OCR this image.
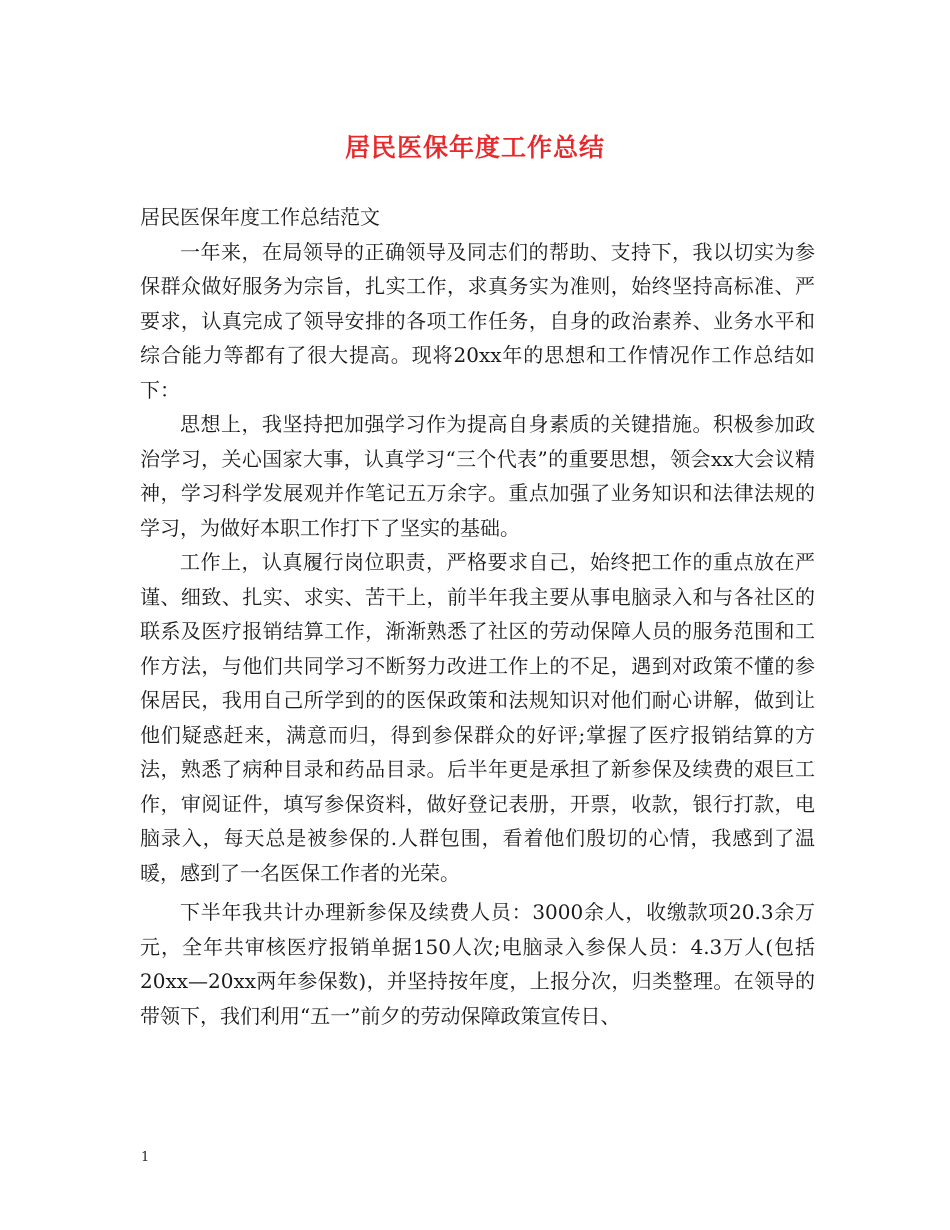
居民医保年度工作总结

居民医保年度工作总结范文

一年来，在局领导的正确领导及同志们的帮助、支持下，我以切实为参保群众做好服务为宗旨，扎实工作，求真务实为准则，始终坚持高标准、严要求，认真完成了领导安排的各项工作任务，自身的政治素养、业务水平和综合能力等都有了很大提高。现将20xx年的思想和工作情况作工作总结如下：

思想上，我坚持把加强学习作为提高自身素质的关键措施。积极参加政治学习，关心国家大事，认真学习“三个代表”的重要思想，领会xx大会议精神，学习科学发展观并作笔记五万余字。重点加强了业务知识和法律法规的学习，为做好本职工作打下了坚实的基础。

工作上，认真履行岗位职责，严格要求自己，始终把工作的重点放在严谨、细致、扎实、求实、苦干上，前半年我主要从事电脑录入和与各社区的联系及医疗报销结算工作，渐渐熟悉了社区的劳动保障人员的服务范围和工作方法，与他们共同学习不断努力改进工作上的不足，遇到对政策不懂的参保居民，我用自己所学到的的医保政策和法规知识对他们耐心讲解，做到让他们疑惑赶来，满意而归，得到参保群众的好评;掌握了医疗报销结算的方法，熟悉了病种目录和药品目录。后半年更是承担了新参保及续费的艰巨工作，审阅证件，填写参保资料，做好登记表册，开票，收款，银行打款，电脑录入，每天总是被参保的.人群包围，看着他们殷切的心情，我感到了温暖，感到了一名医保工作者的光荣。

下半年我共计办理新参保及续费人员：3000余人，收缴款项20.3余万元，全年共审核医疗报销单据150人次;电脑录入参保人员：4.3万人(包括20xx—20xx两年参保数)，并坚持按年度，上报分次，归类整理。在领导的带领下，我们利用“五一”前夕的劳动保障政策宣传日、

1
